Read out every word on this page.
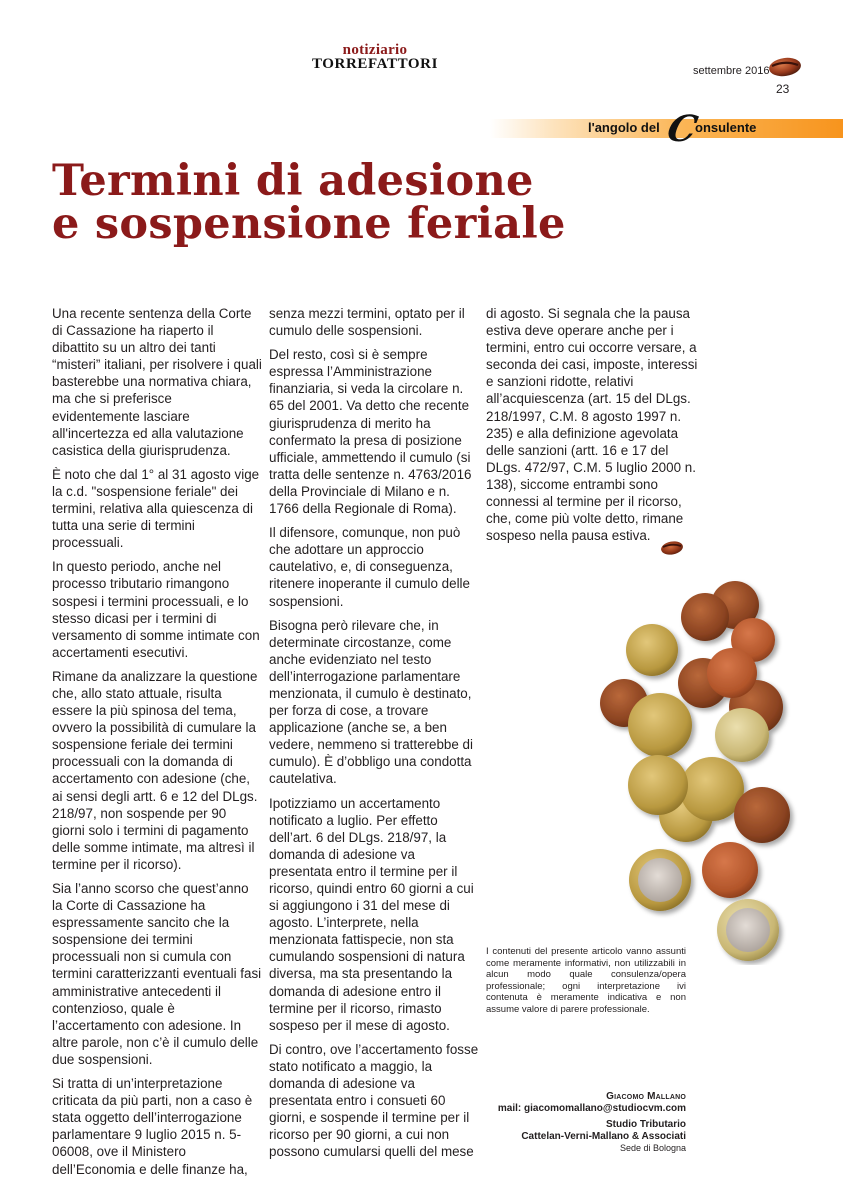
notiziario
TORREFATTORI	settembre 2016
23
l'angolo del C
onsulente
Termini di adesione
e sospensione feriale

Una recente sentenza della Corte di Cassazione ha riaperto il dibattito su un altro dei tanti “misteri” italiani, per risolvere i quali basterebbe una normativa chiara, ma che si preferisce evidentemente lasciare all'incertezza ed alla valutazione casistica della giurisprudenza.

È noto che dal 1° al 31 agosto vige la c.d. "sospensione feriale" dei termini, relativa alla quiescenza di tutta una serie di termini processuali.

In questo periodo, anche nel processo tributario rimangono sospesi i termini processuali, e lo stesso dicasi per i termini di versamento di somme intimate con accertamenti esecutivi.

Rimane da analizzare la questione che, allo stato attuale, risulta essere la più spinosa del tema, ovvero la possibilità di cumulare la sospensione feriale dei termini processuali con la domanda di accertamento con adesione (che, ai sensi degli artt. 6 e 12 del DLgs. 218/97, non sospende per 90 giorni solo i termini di pagamento delle somme intimate, ma altresì il termine per il ricorso).

Sia l’anno scorso che quest’anno la Corte di Cassazione ha espressamente sancito che la sospensione dei termini processuali non si cumula con termini caratterizzanti eventuali fasi amministrative antecedenti il contenzioso, quale è l’accertamento con adesione. In altre parole, non c’è il cumulo delle due sospensioni.

Si tratta di un’interpretazione criticata da più parti, non a caso è stata oggetto dell’interrogazione parlamentare 9 luglio 2015 n. 5-06008, ove il Ministero dell’Economia e delle finanze ha,

senza mezzi termini, optato per il cumulo delle sospensioni.

Del resto, così si è sempre espressa l’Amministrazione finanziaria, si veda la circolare n. 65 del 2001. Va detto che recente giurisprudenza di merito ha confermato la presa di posizione ufficiale, ammettendo il cumulo (si tratta delle sentenze n. 4763/2016 della Provinciale di Milano e n. 1766 della Regionale di Roma).

Il difensore, comunque, non può che adottare un approccio cautelativo, e, di conseguenza, ritenere inoperante il cumulo delle sospensioni.

Bisogna però rilevare che, in determinate circostanze, come anche evidenziato nel testo dell’interrogazione parlamentare menzionata, il cumulo è destinato, per forza di cose, a trovare applicazione (anche se, a ben vedere, nemmeno si tratterebbe di cumulo). È d’obbligo una condotta cautelativa.

Ipotizziamo un accertamento notificato a luglio. Per effetto dell’art. 6 del DLgs. 218/97, la domanda di adesione va presentata entro il termine per il ricorso, quindi entro 60 giorni a cui si aggiungono i 31 del mese di agosto. L’interprete, nella menzionata fattispecie, non sta cumulando sospensioni di natura diversa, ma sta presentando la domanda di adesione entro il termine per il ricorso, rimasto sospeso per il mese di agosto.

Di contro, ove l’accertamento fosse stato notificato a maggio, la domanda di adesione va presentata entro i consueti 60 giorni, e sospende il termine per il ricorso per 90 giorni, a cui non possono cumularsi quelli del mese

di agosto. Si segnala che la pausa estiva deve operare anche per i termini, entro cui occorre versare, a seconda dei casi, imposte, interessi e sanzioni ridotte, relativi all’acquiescenza (art. 15 del DLgs. 218/1997, C.M. 8 agosto 1997 n. 235) e alla definizione agevolata delle sanzioni (artt. 16 e 17 del DLgs. 472/97, C.M. 5 luglio 2000 n. 138), siccome entrambi sono connessi al termine per il ricorso, che, come più volte detto, rimane sospeso nella pausa estiva.

I contenuti del presente articolo vanno assunti come meramente informativi, non utilizzabili in alcun modo quale consulenza/opera professionale; ogni interpretazione ivi contenuta è meramente indicativa e non assume valore di parere professionale.
Giacomo Mallano
mail: giacomomallano@studiocvm.com
Studio Tributario
Cattelan-Verni-Mallano & Associati
Sede di Bologna
